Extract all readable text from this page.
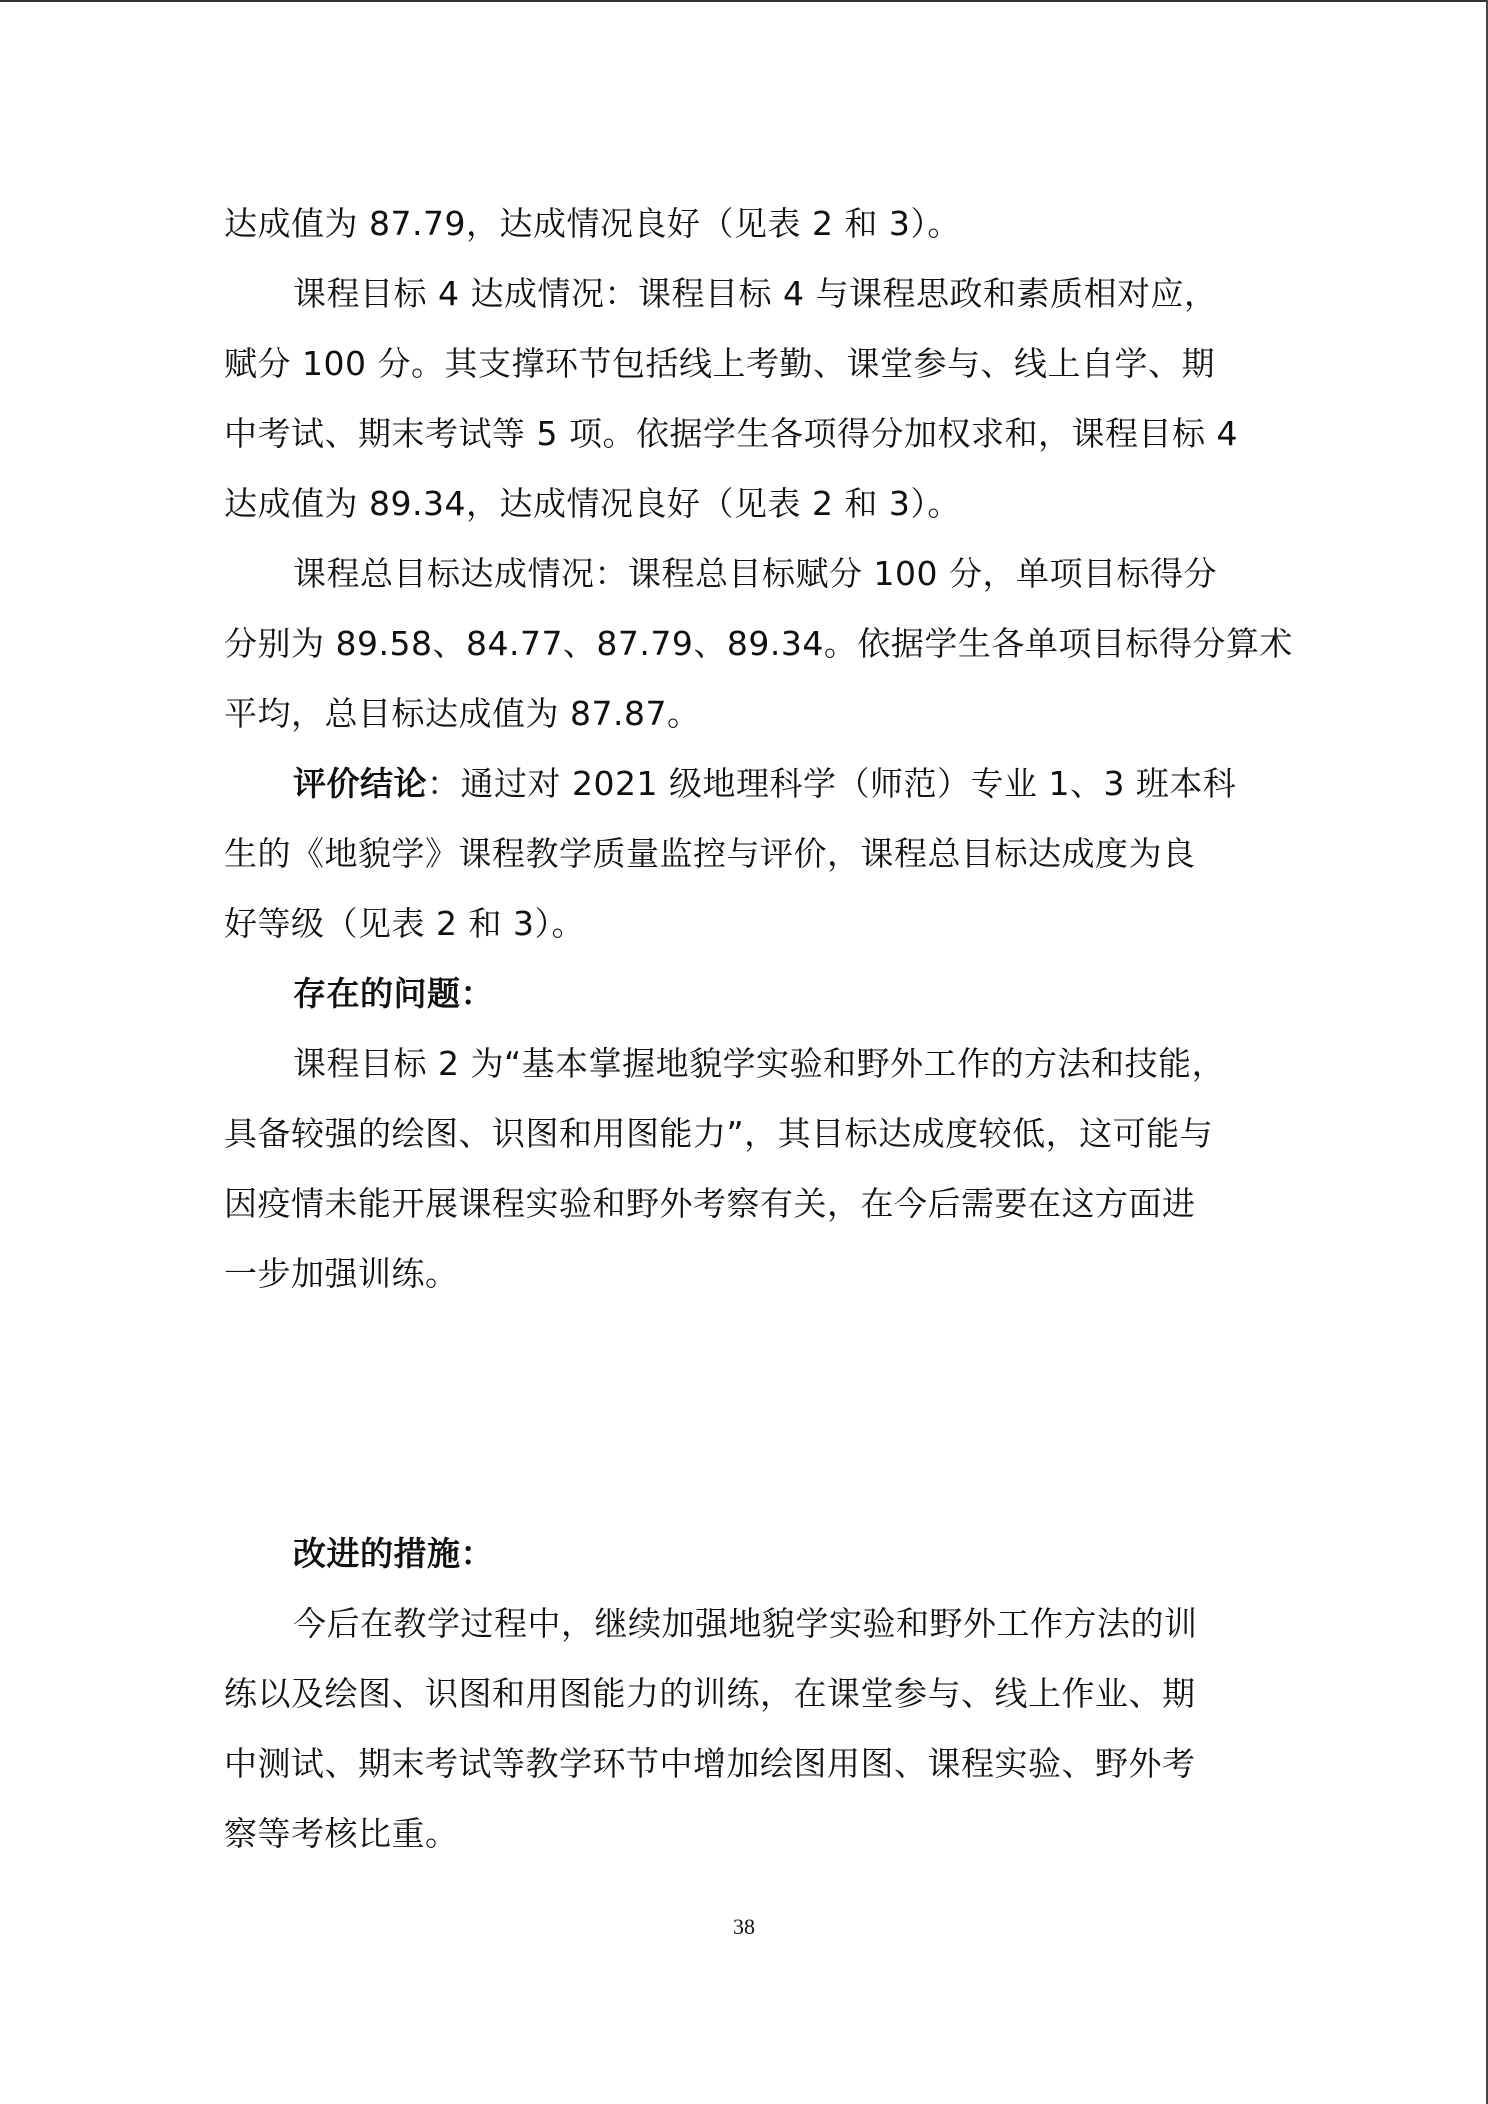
达成值为 87.79，达成情况良好（见表 2 和 3）。
课程目标 4 达成情况：课程目标 4 与课程思政和素质相对应，
赋分 100 分。其支撑环节包括线上考勤、课堂参与、线上自学、期
中考试、期末考试等 5 项。依据学生各项得分加权求和，课程目标 4
达成值为 89.34，达成情况良好（见表 2 和 3）。
课程总目标达成情况：课程总目标赋分 100 分，单项目标得分
分别为 89.58、84.77、87.79、89.34。依据学生各单项目标得分算术
平均，总目标达成值为 87.87。
评价结论：通过对 2021 级地理科学（师范）专业 1、3 班本科
生的《地貌学》课程教学质量监控与评价，课程总目标达成度为良
好等级（见表 2 和 3）。
存在的问题：
课程目标 2 为“基本掌握地貌学实验和野外工作的方法和技能，
具备较强的绘图、识图和用图能力”，其目标达成度较低，这可能与
因疫情未能开展课程实验和野外考察有关，在今后需要在这方面进
一步加强训练。
改进的措施：
今后在教学过程中，继续加强地貌学实验和野外工作方法的训
练以及绘图、识图和用图能力的训练，在课堂参与、线上作业、期
中测试、期末考试等教学环节中增加绘图用图、课程实验、野外考
察等考核比重。
38
